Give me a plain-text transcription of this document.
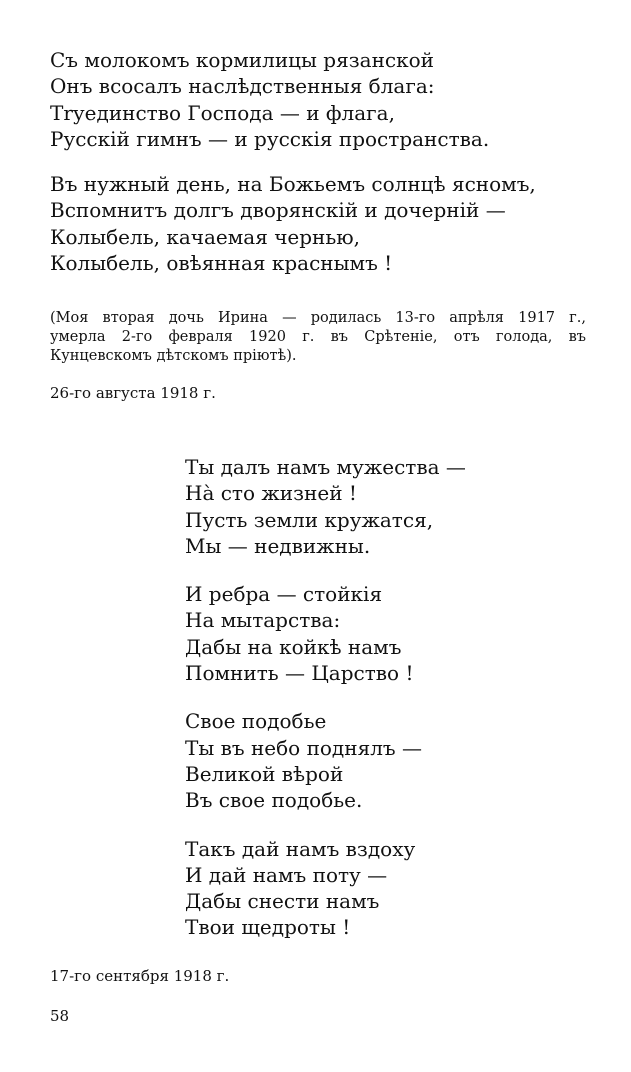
Съ молокомъ кормилицы рязанской
Онъ всосалъ наслѣдственныя блага:
Тrуединство Господа — и флага,
Русскій гимнъ — и русскія пространства.
Въ нужный день, на Божьемъ солнцѣ ясномъ,
Вспомнитъ долгъ дворянскій и дочерній —
Колыбель, качаемая чернью,
Колыбель, овѣянная краснымъ !
(Моя вторая дочь Ирина — родилась 13-го апрѣля 1917 г.,
умерла 2-го февраля 1920 г. въ Срѣтеніе, отъ голода, въ
Кунцевскомъ дѣтскомъ пріютѣ).
26-го августа 1918 г.
Ты далъ намъ мужества —
На̀ сто жизней !
Пусть земли кружатся,
Мы — недвижны.
И ребра — стойкія
На мытарства:
Дабы на койкѣ намъ
Помнить — Царство !
Свое подобье
Ты въ небо поднялъ —
Великой вѣрой
Въ свое подобье.
Такъ дай намъ вздоху
И дай намъ поту —
Дабы снести намъ
Твои щедроты !
17-го сентября 1918 г.
58
